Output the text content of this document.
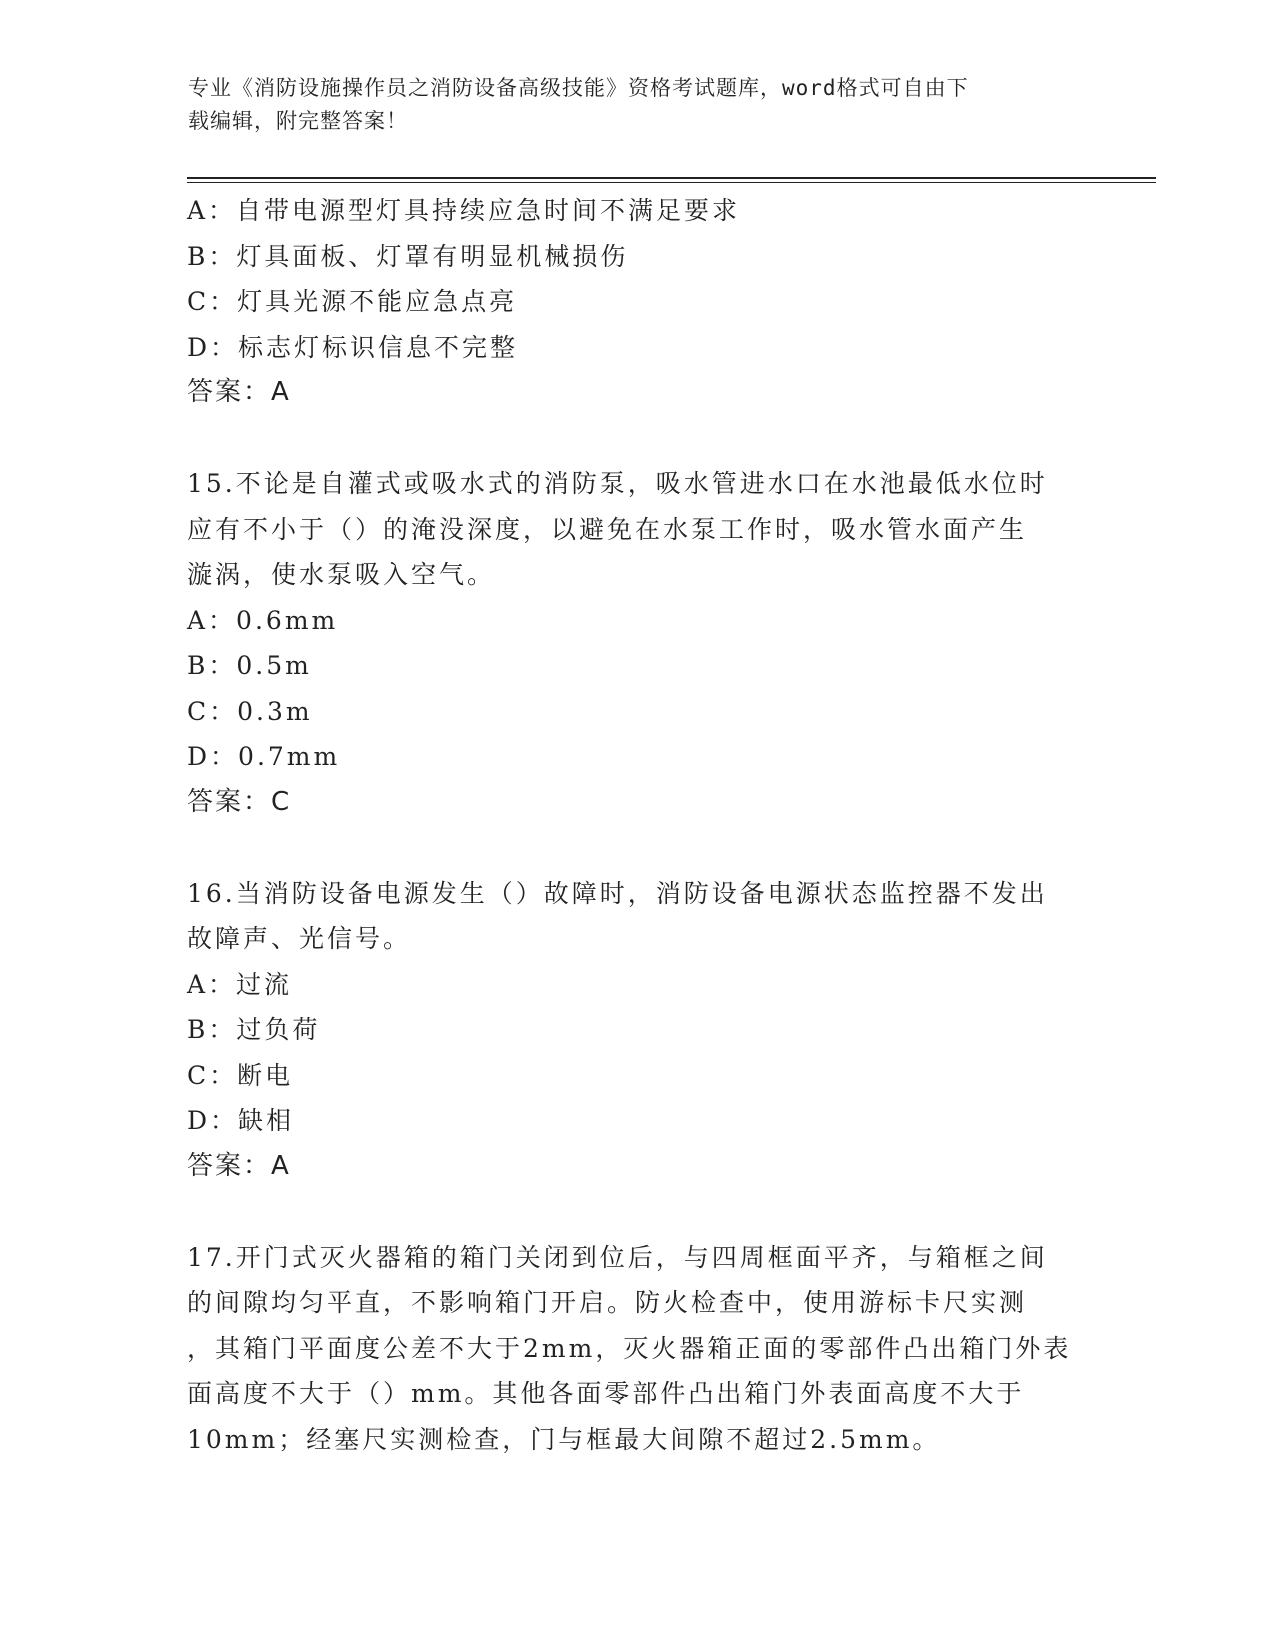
专业《消防设施操作员之消防设备高级技能》资格考试题库，word格式可自由下
载编辑，附完整答案！
A：自带电源型灯具持续应急时间不满足要求
B：灯具面板、灯罩有明显机械损伤
C：灯具光源不能应急点亮
D：标志灯标识信息不完整
答案：A
15.不论是自灌式或吸水式的消防泵，吸水管进水口在水池最低水位时
应有不小于（）的淹没深度，以避免在水泵工作时，吸水管水面产生
漩涡，使水泵吸入空气。
A：0.6mm
B：0.5m
C：0.3m
D：0.7mm
答案：C
16.当消防设备电源发生（）故障时，消防设备电源状态监控器不发出
故障声、光信号。
A：过流
B：过负荷
C：断电
D：缺相
答案：A
17.开门式灭火器箱的箱门关闭到位后，与四周框面平齐，与箱框之间
的间隙均匀平直，不影响箱门开启。防火检查中，使用游标卡尺实测
，其箱门平面度公差不大于2mm，灭火器箱正面的零部件凸出箱门外表
面高度不大于（）mm。其他各面零部件凸出箱门外表面高度不大于
10mm；经塞尺实测检查，门与框最大间隙不超过2.5mm。
